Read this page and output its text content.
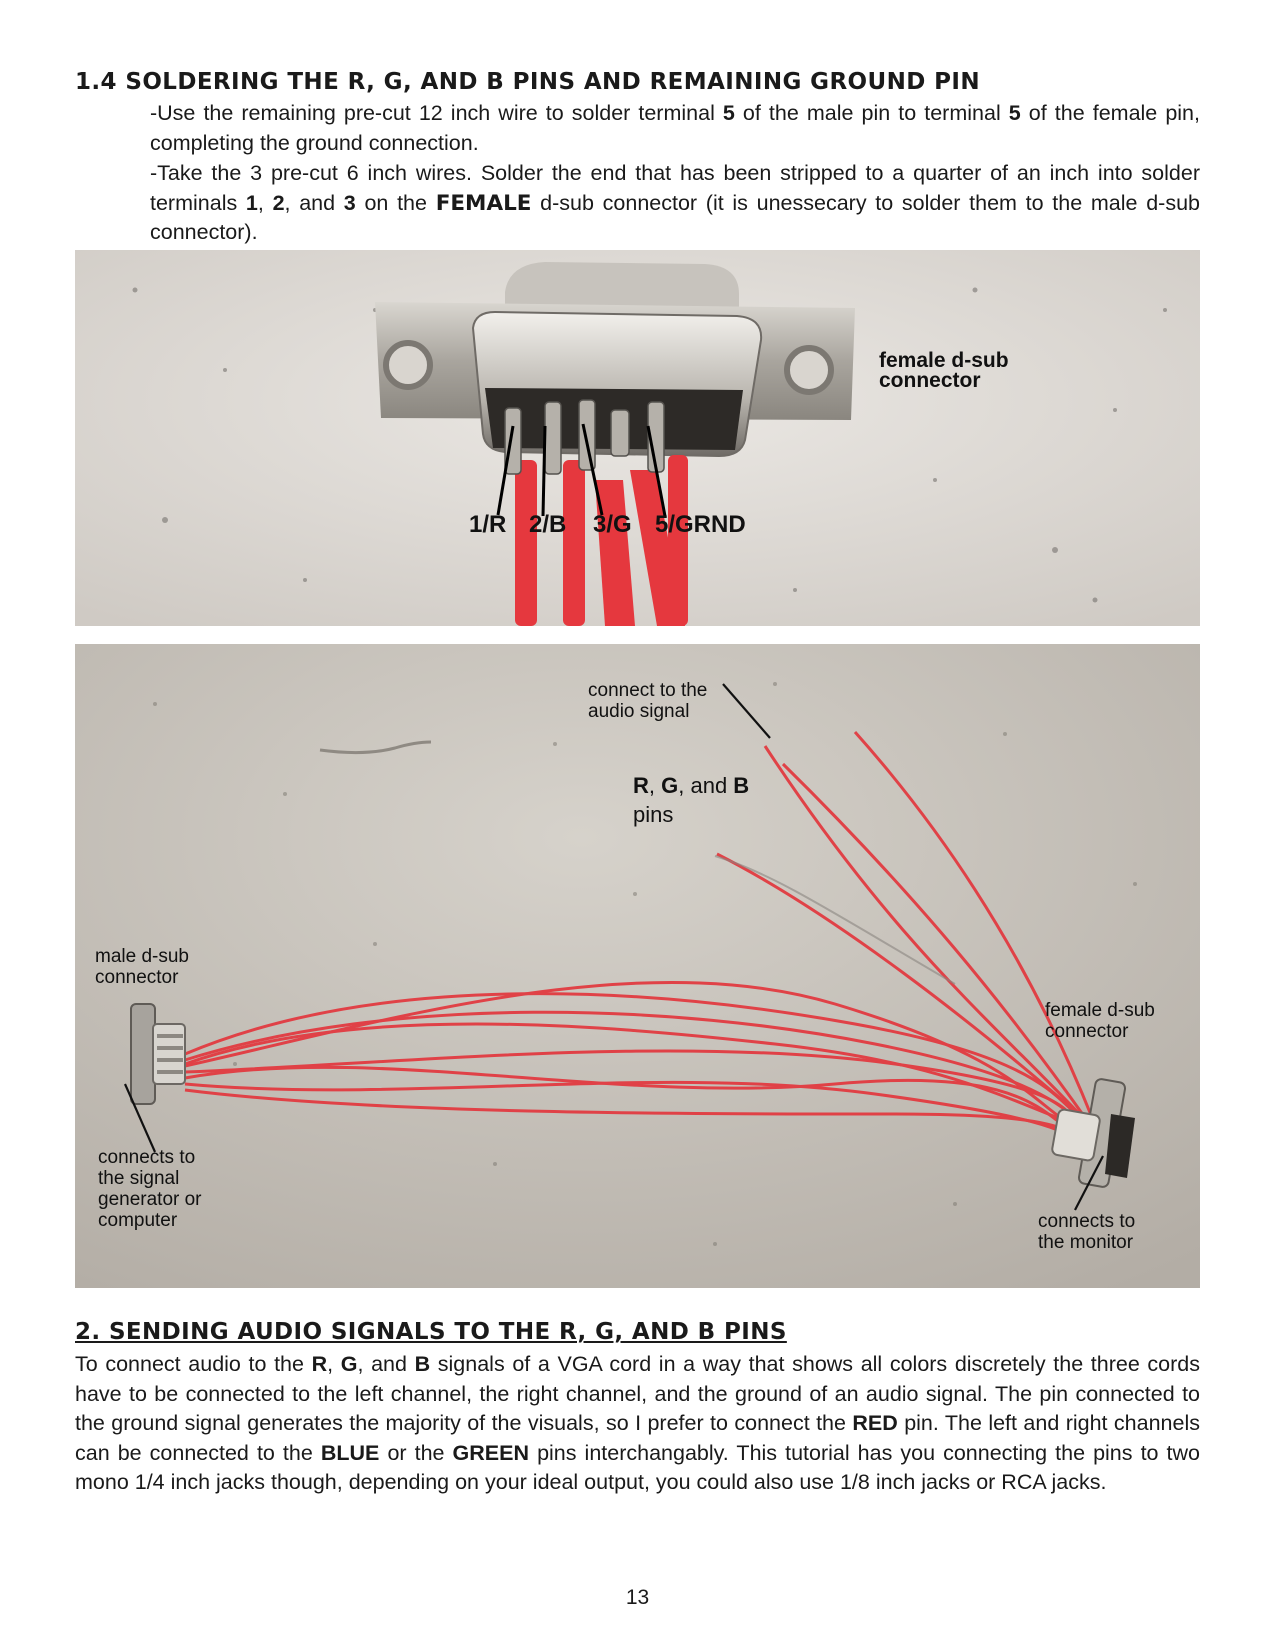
1.4 SOLDERING THE R, G, AND B PINS AND REMAINING GROUND PIN

-Use the remaining pre-cut 12 inch wire to solder terminal 5 of the male pin to terminal 5 of the female pin, completing the ground connection.

-Take the 3 pre-cut 6 inch wires. Solder the end that has been stripped to a quarter of an inch into solder terminals 1, 2, and 3 on the FEMALE d-sub connector (it is unessecary to solder them to the male d-sub connector).

female d-sub
connector
1/R 2/B 3/G 5/GRND
connect to the
audio signal
R, G, and B
pins
male d-sub
connector
female d-sub
connector
connects to
the signal
generator or
computer	connects to
the monitor
2. SENDING AUDIO SIGNALS TO THE R, G, AND B PINS

To connect audio to the R, G, and B signals of a VGA cord in a way that shows all colors discretely the three cords have to be connected to the left channel, the right channel, and the ground of an audio signal. The pin connected to the ground signal generates the majority of the visuals, so I prefer to connect the RED pin. The left and right channels can be connected to the BLUE or the GREEN pins interchangably. This tutorial has you connecting the pins to two mono 1/4 inch jacks though, depending on your ideal output, you could also use 1/8 inch jacks or RCA jacks.

13
